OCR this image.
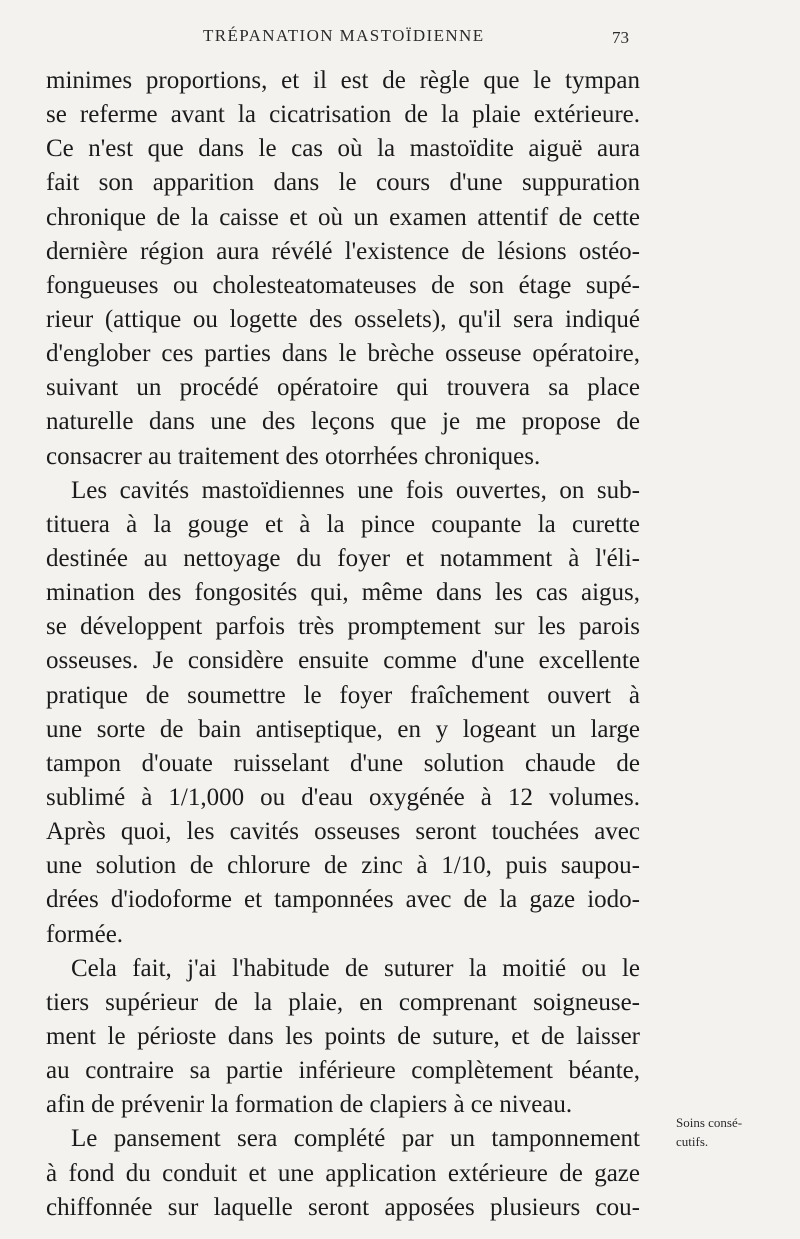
TRÉPANATION MASTOÏDIENNE	73
minimes proportions, et il est de règle que le tympan
se referme avant la cicatrisation de la plaie extérieure.
Ce n'est que dans le cas où la mastoïdite aiguë aura
fait son apparition dans le cours d'une suppuration
chronique de la caisse et où un examen attentif de cette
dernière région aura révélé l'existence de lésions ostéo-
fongueuses ou cholesteatomateuses de son étage supé-
rieur (attique ou logette des osselets), qu'il sera indiqué
d'englober ces parties dans le brèche osseuse opératoire,
suivant un procédé opératoire qui trouvera sa place
naturelle dans une des leçons que je me propose de
consacrer au traitement des otorrhées chroniques.
Les cavités mastoïdiennes une fois ouvertes, on sub-
tituera à la gouge et à la pince coupante la curette
destinée au nettoyage du foyer et notamment à l'éli-
mination des fongosités qui, même dans les cas aigus,
se développent parfois très promptement sur les parois
osseuses. Je considère ensuite comme d'une excellente
pratique de soumettre le foyer fraîchement ouvert à
une sorte de bain antiseptique, en y logeant un large
tampon d'ouate ruisselant d'une solution chaude de
sublimé à 1/1,000 ou d'eau oxygénée à 12 volumes.
Après quoi, les cavités osseuses seront touchées avec
une solution de chlorure de zinc à 1/10, puis saupou-
drées d'iodoforme et tamponnées avec de la gaze iodo-
formée.
Cela fait, j'ai l'habitude de suturer la moitié ou le
tiers supérieur de la plaie, en comprenant soigneuse-
ment le périoste dans les points de suture, et de laisser
au contraire sa partie inférieure complètement béante,
afin de prévenir la formation de clapiers à ce niveau.
Le pansement sera complété par un tamponnement
à fond du conduit et une application extérieure de gaze
chiffonnée sur laquelle seront apposées plusieurs cou-
Soins consé-
cutifs.
